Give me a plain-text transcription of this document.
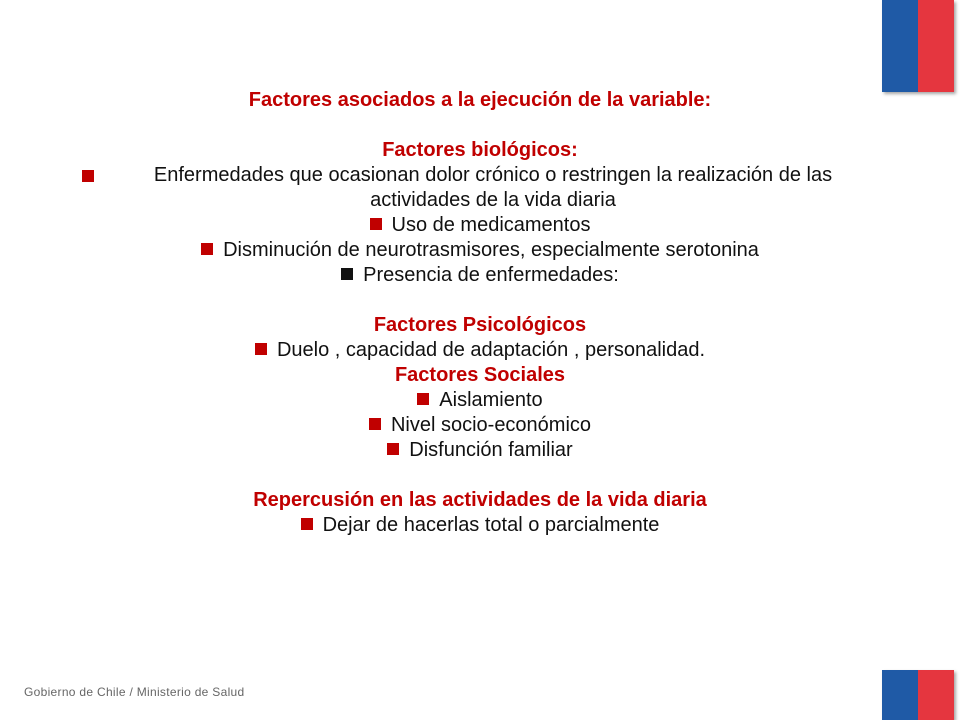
Factores asociados a la ejecución de la variable:
Factores biológicos:
Enfermedades que ocasionan dolor crónico o restringen la realización de las actividades de la vida diaria
Uso de medicamentos
Disminución de neurotrasmisores, especialmente serotonina
Presencia de enfermedades:
Factores Psicológicos
Duelo , capacidad de adaptación , personalidad.
Factores Sociales
Aislamiento
Nivel socio-económico
Disfunción familiar
Repercusión en las actividades de la vida diaria
Dejar de hacerlas total o parcialmente
Gobierno de Chile / Ministerio de Salud
